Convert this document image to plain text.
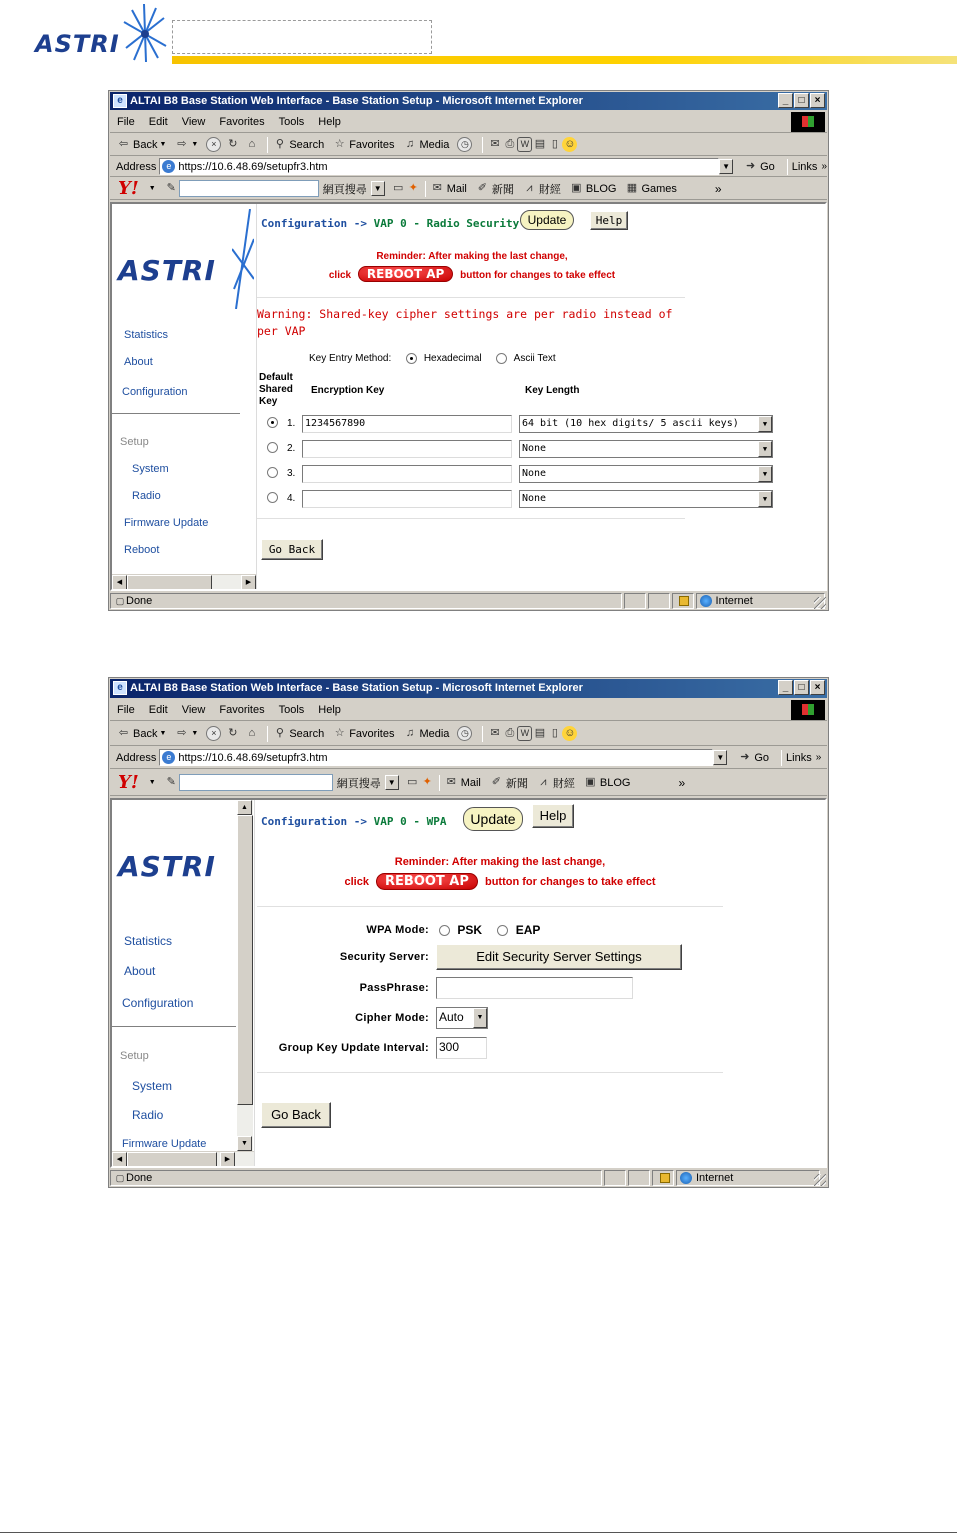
ASTRI
e ALTAI B8 Base Station Web Interface - Base Station Setup - Microsoft Internet Explorer	_	□	×
File	Edit	View	Favorites	Tools	Help
⇦ Back ▼ ⇨ ▼	×	↻	⌂	⚲ Search ☆ Favorites	♫ Media	◷	✉ ⎙ W ▤ ▯ ☺
Address	e https://10.6.48.69/setupfr3.htm	▼ ➜ Go Links »
Y! ▼ ✎	網頁搜尋 ▼ ▭ ✦ ✉ Mail ✐ 新聞	⩘ 財經 ▣ BLOG ▦ Games	»
ASTRI
Statistics
About
Configuration
Setup
System
Radio
Firmware Update
Reboot
◀	▶
Configuration -> VAP 0 - Radio Security Update	Help
Reminder: After making the last change,
click REBOOT AP button for changes to take effect
Warning: Shared-key cipher settings are per radio instead of per VAP
Key Entry Method:	Hexadecimal	Ascii Text
Default Shared Key
Encryption Key	Key Length
1. 1234567890	64 bit (10 hex digits/ 5 ascii keys)	▼
2.	None	▼
3.	None	▼
4.	None	▼
Go Back
▢ Done	Internet
e ALTAI B8 Base Station Web Interface - Base Station Setup - Microsoft Internet Explorer	_	□	×
File	Edit	View	Favorites	Tools	Help
⇦ Back ▼ ⇨ ▼	×	↻	⌂	⚲ Search ☆ Favorites	♫ Media	◷	✉ ⎙ W ▤ ▯ ☺
Address	e https://10.6.48.69/setupfr3.htm	▼ ➜ Go Links »
Y! ▼ ✎	網頁搜尋 ▼ ▭ ✦ ✉ Mail ✐ 新聞	⩘ 財經 ▣ BLOG	»
ASTRI
Statistics
About
Configuration
Setup
System
Radio
Firmware Update
▲
▼
◀	▶
Configuration -> VAP 0 - WPA	Update	Help
Reminder: After making the last change,
click REBOOT AP button for changes to take effect
WPA Mode:	PSK	EAP
Security Server:	Edit Security Server Settings
PassPhrase:
Cipher Mode: Auto	▼
Group Key Update Interval: 300
Go Back
▢ Done	Internet
